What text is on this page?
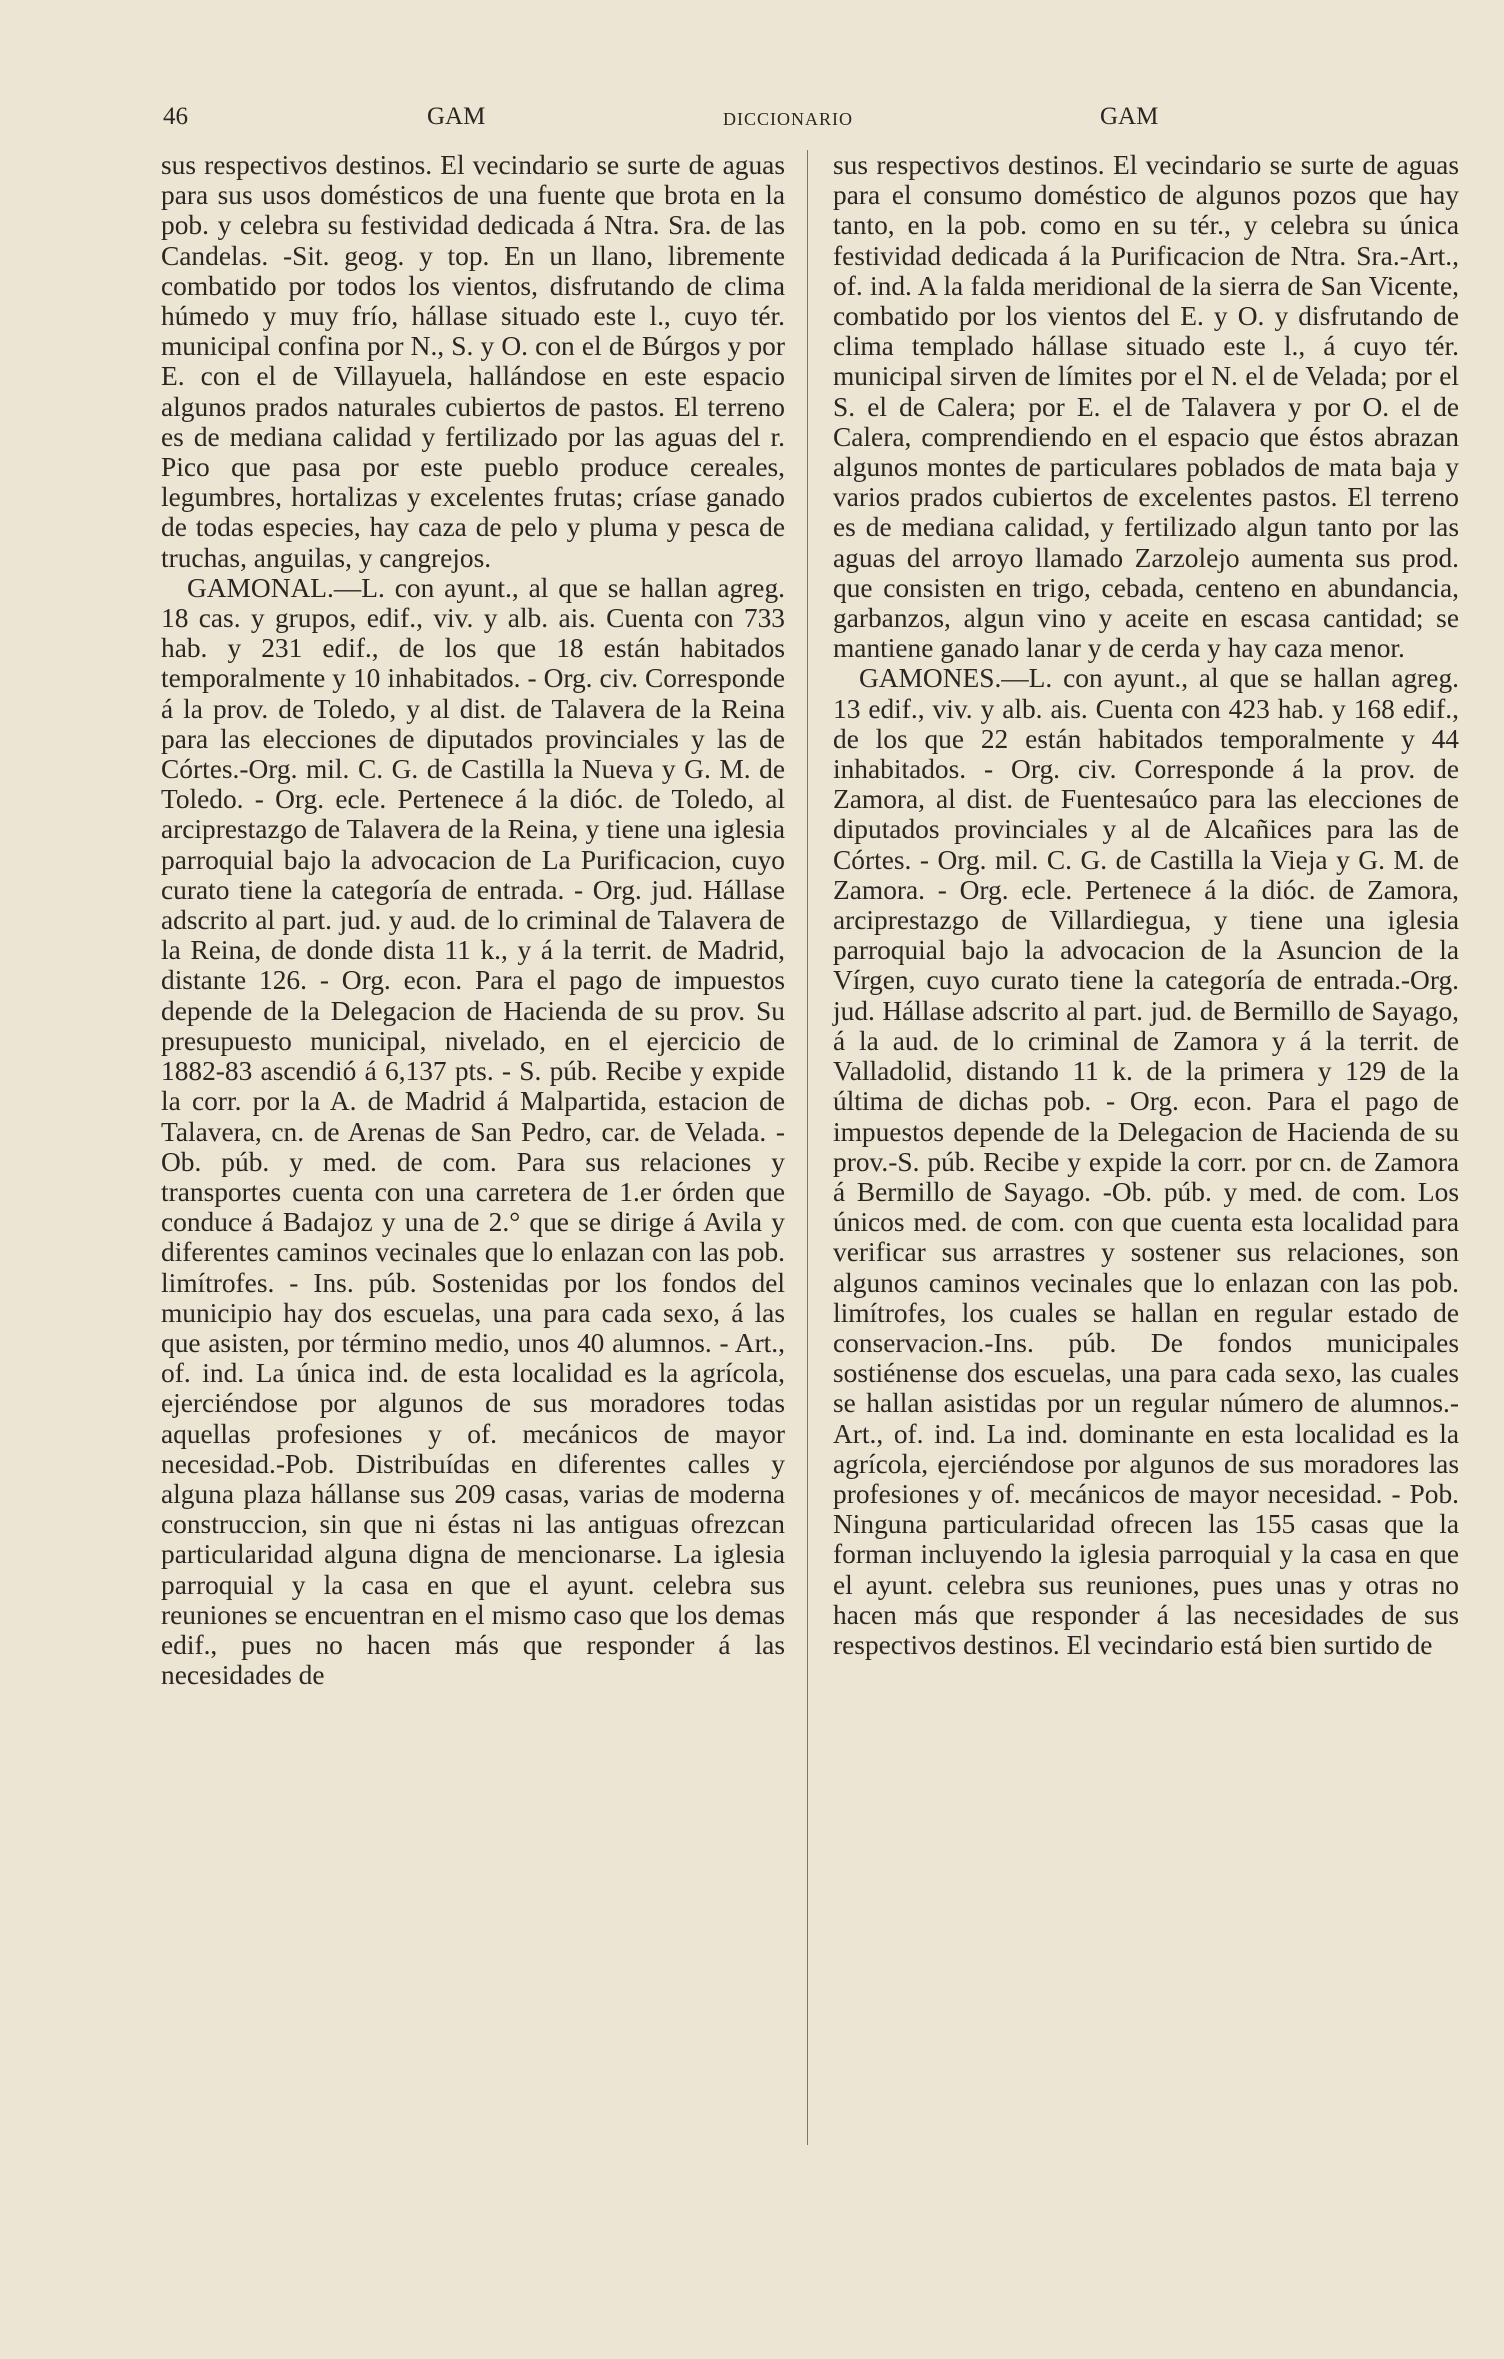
46	GAM	DICCIONARIO	GAM

sus respectivos destinos. El vecindario se surte de aguas para sus usos domésticos de una fuente que brota en la pob. y celebra su festividad dedicada á Ntra. Sra. de las Candelas. -Sit. geog. y top. En un llano, libremente combatido por todos los vientos, disfrutando de clima húmedo y muy frío, hállase situado este l., cuyo tér. municipal confina por N., S. y O. con el de Búrgos y por E. con el de Villayuela, hallándose en este espacio algunos prados naturales cubiertos de pastos. El terreno es de mediana calidad y fertilizado por las aguas del r. Pico que pasa por este pueblo produce cereales, legumbres, hortalizas y excelentes frutas; críase ganado de todas especies, hay caza de pelo y pluma y pesca de truchas, anguilas, y cangrejos.

GAMONAL.—L. con ayunt., al que se hallan agreg. 18 cas. y grupos, edif., viv. y alb. ais. Cuenta con 733 hab. y 231 edif., de los que 18 están habitados temporalmente y 10 inhabitados. - Org. civ. Corresponde á la prov. de Toledo, y al dist. de Talavera de la Reina para las elecciones de diputados provinciales y las de Córtes.-Org. mil. C. G. de Castilla la Nueva y G. M. de Toledo. - Org. ecle. Pertenece á la dióc. de Toledo, al arciprestazgo de Talavera de la Reina, y tiene una iglesia parroquial bajo la advocacion de La Purificacion, cuyo curato tiene la categoría de entrada. - Org. jud. Hállase adscrito al part. jud. y aud. de lo criminal de Talavera de la Reina, de donde dista 11 k., y á la territ. de Madrid, distante 126. - Org. econ. Para el pago de impuestos depende de la Delegacion de Hacienda de su prov. Su presupuesto municipal, nivelado, en el ejercicio de 1882-83 ascendió á 6,137 pts. - S. púb. Recibe y expide la corr. por la A. de Madrid á Malpartida, estacion de Talavera, cn. de Arenas de San Pedro, car. de Velada. - Ob. púb. y med. de com. Para sus relaciones y transportes cuenta con una carretera de 1.er órden que conduce á Badajoz y una de 2.° que se dirige á Avila y diferentes caminos vecinales que lo enlazan con las pob. limítrofes. - Ins. púb. Sostenidas por los fondos del municipio hay dos escuelas, una para cada sexo, á las que asisten, por término medio, unos 40 alumnos. - Art., of. ind. La única ind. de esta localidad es la agrícola, ejerciéndose por algunos de sus moradores todas aquellas profesiones y of. mecánicos de mayor necesidad.-Pob. Distribuídas en diferentes calles y alguna plaza hállanse sus 209 casas, varias de moderna construccion, sin que ni éstas ni las antiguas ofrezcan particularidad alguna digna de mencionarse. La iglesia parroquial y la casa en que el ayunt. celebra sus reuniones se encuentran en el mismo caso que los demas edif., pues no hacen más que responder á las necesidades de

sus respectivos destinos. El vecindario se surte de aguas para el consumo doméstico de algunos pozos que hay tanto, en la pob. como en su tér., y celebra su única festividad dedicada á la Purificacion de Ntra. Sra.-Art., of. ind. A la falda meridional de la sierra de San Vicente, combatido por los vientos del E. y O. y disfrutando de clima templado hállase situado este l., á cuyo tér. municipal sirven de límites por el N. el de Velada; por el S. el de Calera; por E. el de Talavera y por O. el de Calera, comprendiendo en el espacio que éstos abrazan algunos montes de particulares poblados de mata baja y varios prados cubiertos de excelentes pastos. El terreno es de mediana calidad, y fertilizado algun tanto por las aguas del arroyo llamado Zarzolejo aumenta sus prod. que consisten en trigo, cebada, centeno en abundancia, garbanzos, algun vino y aceite en escasa cantidad; se mantiene ganado lanar y de cerda y hay caza menor.

GAMONES.—L. con ayunt., al que se hallan agreg. 13 edif., viv. y alb. ais. Cuenta con 423 hab. y 168 edif., de los que 22 están habitados temporalmente y 44 inhabitados. - Org. civ. Corresponde á la prov. de Zamora, al dist. de Fuentesaúco para las elecciones de diputados provinciales y al de Alcañices para las de Córtes. - Org. mil. C. G. de Castilla la Vieja y G. M. de Zamora. - Org. ecle. Pertenece á la dióc. de Zamora, arciprestazgo de Villardiegua, y tiene una iglesia parroquial bajo la advocacion de la Asuncion de la Vírgen, cuyo curato tiene la categoría de entrada.-Org. jud. Hállase adscrito al part. jud. de Bermillo de Sayago, á la aud. de lo criminal de Zamora y á la territ. de Valladolid, distando 11 k. de la primera y 129 de la última de dichas pob. - Org. econ. Para el pago de impuestos depende de la Delegacion de Hacienda de su prov.-S. púb. Recibe y expide la corr. por cn. de Zamora á Bermillo de Sayago. -Ob. púb. y med. de com. Los únicos med. de com. con que cuenta esta localidad para verificar sus arrastres y sostener sus relaciones, son algunos caminos vecinales que lo enlazan con las pob. limítrofes, los cuales se hallan en regular estado de conservacion.-Ins. púb. De fondos municipales sostiénense dos escuelas, una para cada sexo, las cuales se hallan asistidas por un regular número de alumnos.- Art., of. ind. La ind. dominante en esta localidad es la agrícola, ejerciéndose por algunos de sus moradores las profesiones y of. mecánicos de mayor necesidad. - Pob. Ninguna particularidad ofrecen las 155 casas que la forman incluyendo la iglesia parroquial y la casa en que el ayunt. celebra sus reuniones, pues unas y otras no hacen más que responder á las necesidades de sus respectivos destinos. El vecindario está bien surtido de
